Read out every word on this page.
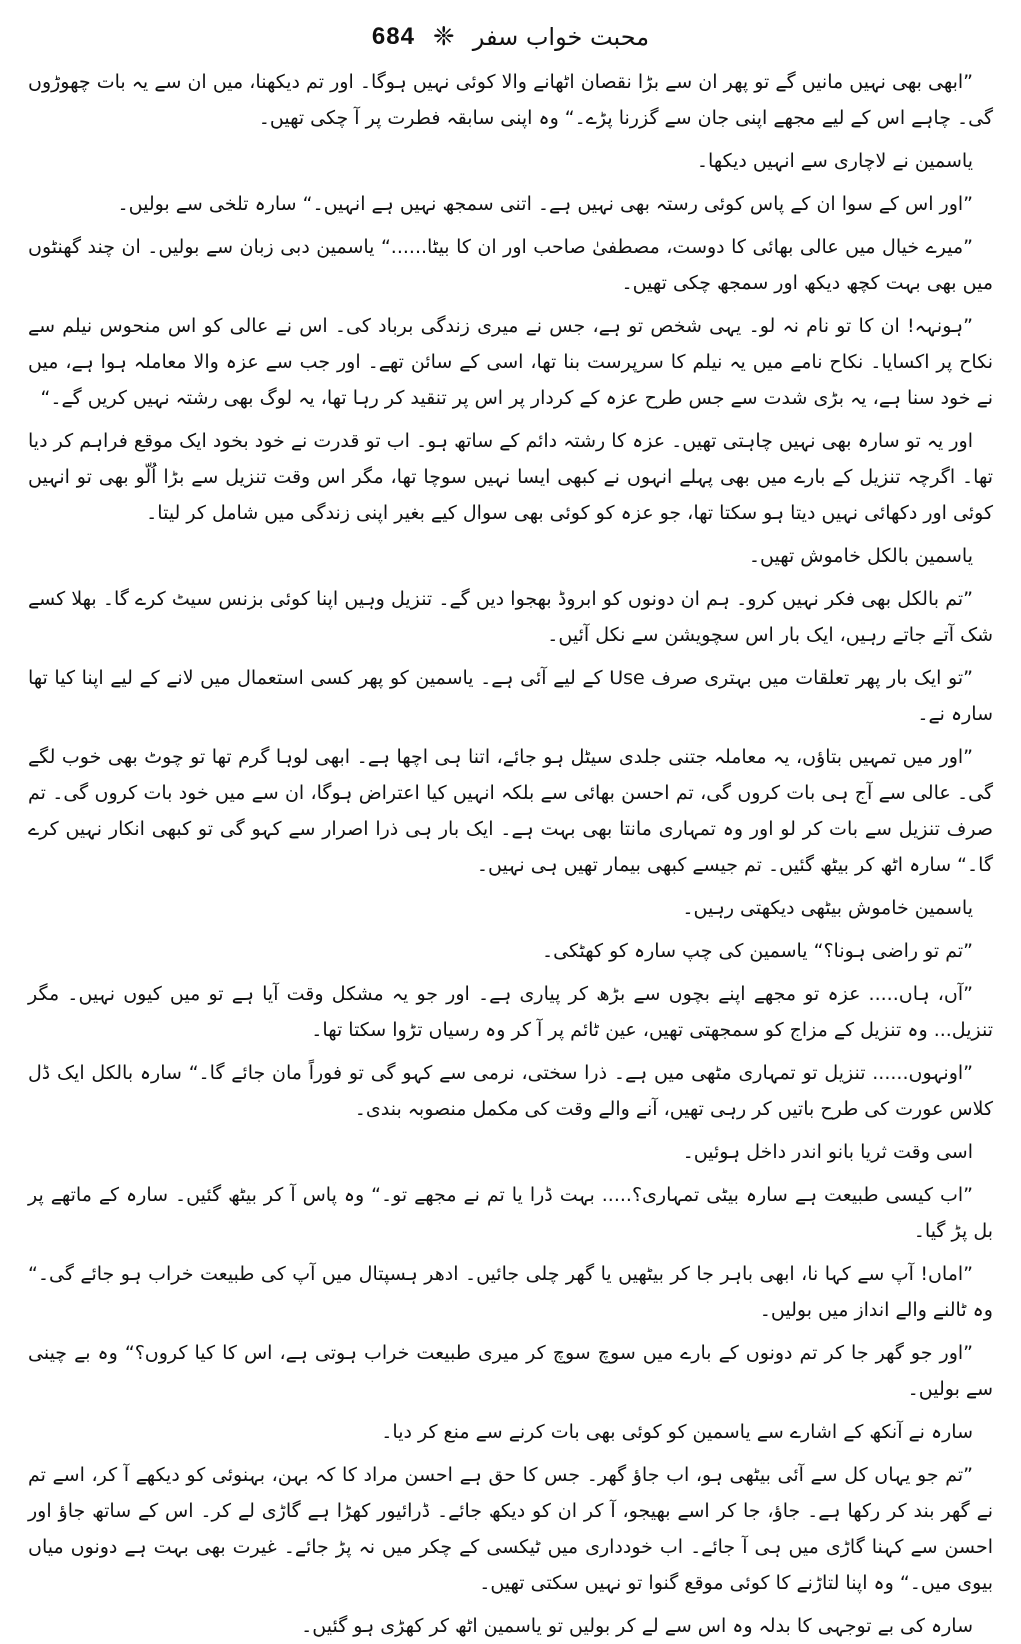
684 ❈ محبت خواب سفر

”ابھی بھی نہیں مانیں گے تو پھر ان سے بڑا نقصان اٹھانے والا کوئی نہیں ہوگا۔ اور تم دیکھنا، میں ان سے یہ بات چھوڑوں گی۔ چاہے اس کے لیے مجھے اپنی جان سے گزرنا پڑے۔“ وہ اپنی سابقہ فطرت پر آ چکی تھیں۔

یاسمین نے لاچاری سے انہیں دیکھا۔

”اور اس کے سوا ان کے پاس کوئی رستہ بھی نہیں ہے۔ اتنی سمجھ نہیں ہے انہیں۔“ سارہ تلخی سے بولیں۔

”میرے خیال میں عالی بھائی کا دوست، مصطفیٰ صاحب اور ان کا بیٹا......“ یاسمین دبی زبان سے بولیں۔ ان چند گھنٹوں میں بھی بہت کچھ دیکھ اور سمجھ چکی تھیں۔

”ہونہہ! ان کا تو نام نہ لو۔ یہی شخص تو ہے، جس نے میری زندگی برباد کی۔ اس نے عالی کو اس منحوس نیلم سے نکاح پر اکسایا۔ نکاح نامے میں یہ نیلم کا سرپرست بنا تھا، اسی کے سائن تھے۔ اور جب سے عزہ والا معاملہ ہوا ہے، میں نے خود سنا ہے، یہ بڑی شدت سے جس طرح عزہ کے کردار پر اس پر تنقید کر رہا تھا، یہ لوگ بھی رشتہ نہیں کریں گے۔“

اور یہ تو سارہ بھی نہیں چاہتی تھیں۔ عزہ کا رشتہ دائم کے ساتھ ہو۔ اب تو قدرت نے خود بخود ایک موقع فراہم کر دیا تھا۔ اگرچہ تنزیل کے بارے میں بھی پہلے انہوں نے کبھی ایسا نہیں سوچا تھا، مگر اس وقت تنزیل سے بڑا اُلّو بھی تو انہیں کوئی اور دکھائی نہیں دیتا ہو سکتا تھا، جو عزہ کو کوئی بھی سوال کیے بغیر اپنی زندگی میں شامل کر لیتا۔

یاسمین بالکل خاموش تھیں۔

”تم بالکل بھی فکر نہیں کرو۔ ہم ان دونوں کو ابروڈ بھجوا دیں گے۔ تنزیل وہیں اپنا کوئی بزنس سیٹ کرے گا۔ بھلا کسے شک آتے جاتے رہیں، ایک بار اس سچویشن سے نکل آئیں۔

”تو ایک بار پھر تعلقات میں بہتری صرف Use کے لیے آئی ہے۔ یاسمین کو پھر کسی استعمال میں لانے کے لیے اپنا کیا تھا سارہ نے۔

”اور میں تمہیں بتاؤں، یہ معاملہ جتنی جلدی سیٹل ہو جائے، اتنا ہی اچھا ہے۔ ابھی لوہا گرم تھا تو چوٹ بھی خوب لگے گی۔ عالی سے آج ہی بات کروں گی، تم احسن بھائی سے بلکہ انہیں کیا اعتراض ہوگا، ان سے میں خود بات کروں گی۔ تم صرف تنزیل سے بات کر لو اور وہ تمہاری مانتا بھی بہت ہے۔ ایک بار ہی ذرا اصرار سے کہو گی تو کبھی انکار نہیں کرے گا۔“ سارہ اٹھ کر بیٹھ گئیں۔ تم جیسے کبھی بیمار تھیں ہی نہیں۔

یاسمین خاموش بیٹھی دیکھتی رہیں۔

”تم تو راضی ہونا؟“ یاسمین کی چپ سارہ کو کھٹکی۔

”آں، ہاں..... عزہ تو مجھے اپنے بچوں سے بڑھ کر پیاری ہے۔ اور جو یہ مشکل وقت آیا ہے تو میں کیوں نہیں۔ مگر تنزیل... وہ تنزیل کے مزاج کو سمجھتی تھیں، عین ٹائم پر آ کر وہ رسیاں تڑوا سکتا تھا۔

”اونہوں...... تنزیل تو تمہاری مٹھی میں ہے۔ ذرا سختی، نرمی سے کہو گی تو فوراً مان جائے گا۔“ سارہ بالکل ایک ڈل کلاس عورت کی طرح باتیں کر رہی تھیں، آنے والے وقت کی مکمل منصوبہ بندی۔

اسی وقت ثریا بانو اندر داخل ہوئیں۔

”اب کیسی طبیعت ہے سارہ بیٹی تمہاری؟..... بہت ڈرا یا تم نے مجھے تو۔“ وہ پاس آ کر بیٹھ گئیں۔ سارہ کے ماتھے پر بل پڑ گیا۔

”اماں! آپ سے کہا نا، ابھی باہر جا کر بیٹھیں یا گھر چلی جائیں۔ ادھر ہسپتال میں آپ کی طبیعت خراب ہو جائے گی۔“ وہ ٹالنے والے انداز میں بولیں۔

”اور جو گھر جا کر تم دونوں کے بارے میں سوچ سوچ کر میری طبیعت خراب ہوتی ہے، اس کا کیا کروں؟“ وہ بے چینی سے بولیں۔

سارہ نے آنکھ کے اشارے سے یاسمین کو کوئی بھی بات کرنے سے منع کر دیا۔

”تم جو یہاں کل سے آئی بیٹھی ہو، اب جاؤ گھر۔ جس کا حق ہے احسن مراد کا کہ بہن، بہنوئی کو دیکھے آ کر، اسے تم نے گھر بند کر رکھا ہے۔ جاؤ، جا کر اسے بھیجو، آ کر ان کو دیکھ جائے۔ ڈرائیور کھڑا ہے گاڑی لے کر۔ اس کے ساتھ جاؤ اور احسن سے کہنا گاڑی میں ہی آ جائے۔ اب خودداری میں ٹیکسی کے چکر میں نہ پڑ جائے۔ غیرت بھی بہت ہے دونوں میاں بیوی میں۔“ وہ اپنا لتاڑنے کا کوئی موقع گنوا تو نہیں سکتی تھیں۔

سارہ کی بے توجہی کا بدلہ وہ اس سے لے کر بولیں تو یاسمین اٹھ کر کھڑی ہو گئیں۔
